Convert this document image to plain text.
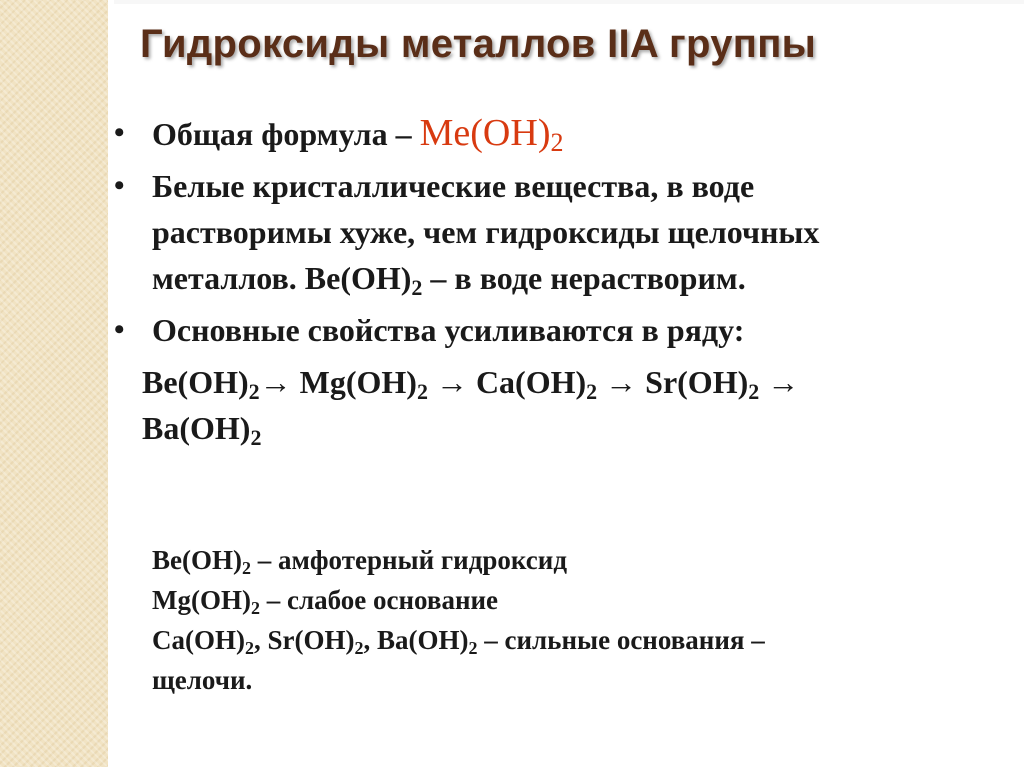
Гидроксиды металлов IIA группы
• Общая формула – $Me(OH)_2$
• Белые кристаллические вещества, в воде
растворимы хуже, чем гидроксиды щелочных
металлов. $Be(OH)_2$ – в воде нерастворим.
• Основные свойства усиливаются в ряду:
$Be(OH)_2\to Mg(OH)_2 \to Ca(OH)_2 \to Sr(OH)_2$ →
$Ba(OH)_2$

$Be(OH)_2$ – амфотерный гидроксид

$Mg(OH)_2$ – слабое основание

$Ca(OH)_2$, $Sr(OH)_2$, $Ba(OH)_2$ – сильные основания –

щелочи.
